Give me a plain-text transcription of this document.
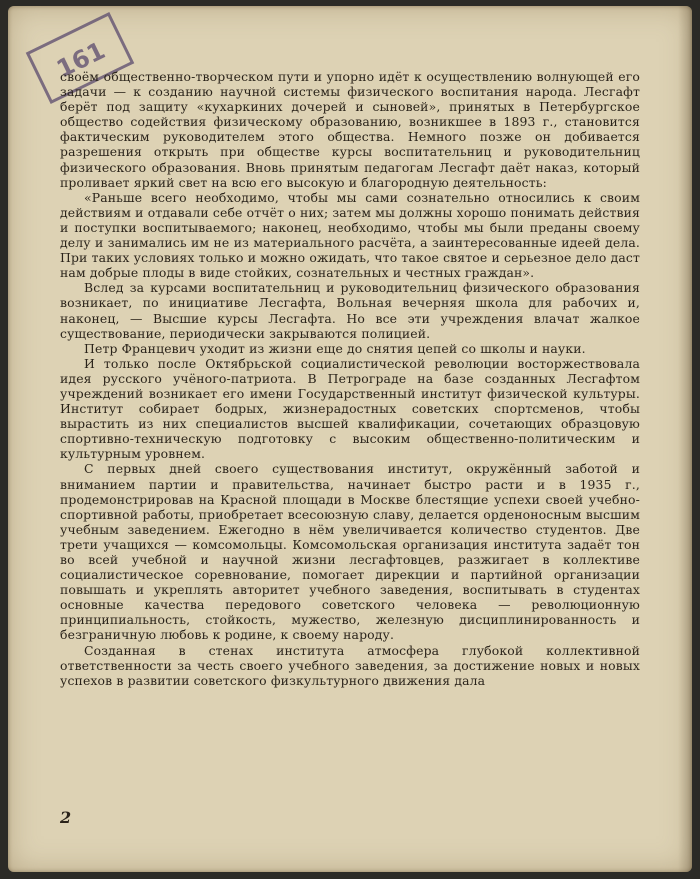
161

своём общественно-творческом пути и упорно идёт к осуществлению волнующей его задачи — к созданию научной системы физического воспитания народа. Лесгафт берёт под защиту «кухаркиних дочерей и сыновей», принятых в Петербургское общество содействия физическому образованию, возникшее в 1893 г., становится фактическим руководителем этого общества. Немного позже он добивается разрешения открыть при обществе курсы воспитательниц и руководительниц физического образования. Вновь принятым педагогам Лесгафт даёт наказ, который проливает яркий свет на всю его высокую и благородную деятельность:

«Раньше всего необходимо, чтобы мы сами сознательно относились к своим действиям и отдавали себе отчёт о них; затем мы должны хорошо понимать действия и поступки воспитываемого; наконец, необходимо, чтобы мы были преданы своему делу и занимались им не из материального расчёта, а заинтересованные идеей дела. При таких условиях только и можно ожидать, что такое святое и серьезное дело даст нам добрые плоды в виде стойких, сознательных и честных граждан».

Вслед за курсами воспитательниц и руководительниц физического образования возникает, по инициативе Лесгафта, Вольная вечерняя школа для рабочих и, наконец, — Высшие курсы Лесгафта. Но все эти учреждения влачат жалкое существование, периодически закрываются полицией.

Петр Францевич уходит из жизни еще до снятия цепей со школы и науки.

И только после Октябрьской социалистической революции восторжествовала идея русского учёного-патриота. В Петрограде на базе созданных Лесгафтом учреждений возникает его имени Государственный институт физической культуры. Институт собирает бодрых, жизнерадостных советских спортсменов, чтобы вырастить из них специалистов высшей квалификации, сочетающих образцовую спортивно-техническую подготовку с высоким общественно-политическим и культурным уровнем.

С первых дней своего существования институт, окружённый заботой и вниманием партии и правительства, начинает быстро расти и в 1935 г., продемонстрировав на Красной площади в Москве блестящие успехи своей учебно-спортивной работы, приобретает всесоюзную славу, делается орденоносным высшим учебным заведением. Ежегодно в нём увеличивается количество студентов. Две трети учащихся — комсомольцы. Комсомольская организация института задаёт тон во всей учебной и научной жизни лесгафтовцев, разжигает в коллективе социалистическое соревнование, помогает дирекции и партийной организации повышать и укреплять авторитет учебного заведения, воспитывать в студентах основные качества передового советского человека — революционную принципиальность, стойкость, мужество, железную дисциплинированность и безграничную любовь к родине, к своему народу.

Созданная в стенах института атмосфера глубокой коллективной ответственности за честь своего учебного заведения, за достижение новых и новых успехов в развитии советского физкультурного движения дала

2
